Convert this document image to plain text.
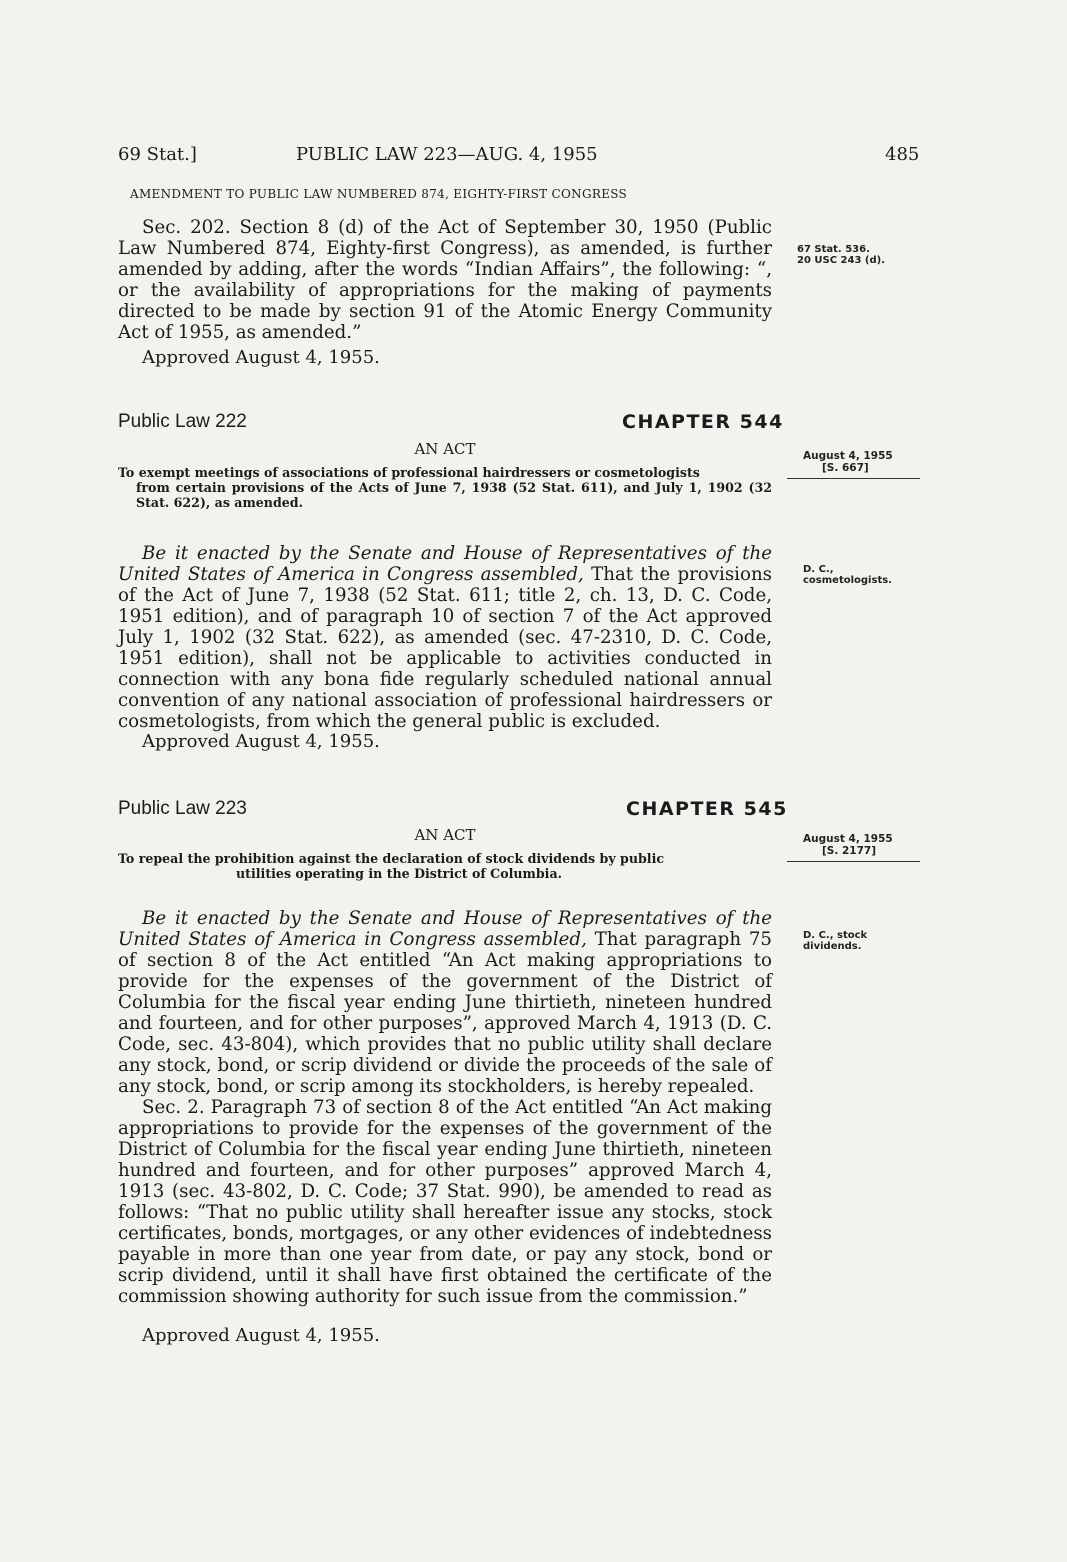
69 Stat.]	PUBLIC LAW 223—AUG. 4, 1955	485
AMENDMENT TO PUBLIC LAW NUMBERED 874, EIGHTY-FIRST CONGRESS

Sec. 202. Section 8 (d) of the Act of September 30, 1950 (Public Law Numbered 874, Eighty-first Congress), as amended, is further amended by adding, after the words “Indian Affairs”, the following: “, or the availability of appropriations for the making of payments directed to be made by section 91 of the Atomic Energy Community Act of 1955, as amended.”

Approved August 4, 1955.
67 Stat. 536.
20 USC 243 (d).
Public Law 222	CHAPTER 544
AN ACT
To exempt meetings of associations of professional hairdressers or cosmetologists
from certain provisions of the Acts of June 7, 1938 (52 Stat. 611), and July 1, 1902 (32 Stat. 622), as amended.
August 4, 1955
[S. 667]

Be it enacted by the Senate and House of Representatives of the United States of America in Congress assembled, That the provisions of the Act of June 7, 1938 (52 Stat. 611; title 2, ch. 13, D. C. Code, 1951 edition), and of paragraph 10 of section 7 of the Act approved July 1, 1902 (32 Stat. 622), as amended (sec. 47-2310, D. C. Code, 1951 edition), shall not be applicable to activities conducted in connection with any bona fide regularly scheduled national annual convention of any national association of professional hairdressers or cosmetologists, from which the general public is excluded.

Approved August 4, 1955.
D. C., cosmetologists.
Public Law 223	CHAPTER 545
AN ACT
To repeal the prohibition against the declaration of stock dividends by public
utilities operating in the District of Columbia.
August 4, 1955
[S. 2177]

Be it enacted by the Senate and House of Representatives of the United States of America in Congress assembled, That paragraph 75 of section 8 of the Act entitled “An Act making appropriations to provide for the expenses of the government of the District of Columbia for the fiscal year ending June thirtieth, nineteen hundred and fourteen, and for other purposes”, approved March 4, 1913 (D. C. Code, sec. 43-804), which provides that no public utility shall declare any stock, bond, or scrip dividend or divide the proceeds of the sale of any stock, bond, or scrip among its stockholders, is hereby repealed.

Sec. 2. Paragraph 73 of section 8 of the Act entitled “An Act making appropriations to provide for the expenses of the government of the District of Columbia for the fiscal year ending June thirtieth, nineteen hundred and fourteen, and for other purposes” approved March 4, 1913 (sec. 43-802, D. C. Code; 37 Stat. 990), be amended to read as follows: “That no public utility shall hereafter issue any stocks, stock certificates, bonds, mortgages, or any other evidences of indebtedness payable in more than one year from date, or pay any stock, bond or scrip dividend, until it shall have first obtained the certificate of the commission showing authority for such issue from the commission.”

Approved August 4, 1955.
D. C., stock dividends.
